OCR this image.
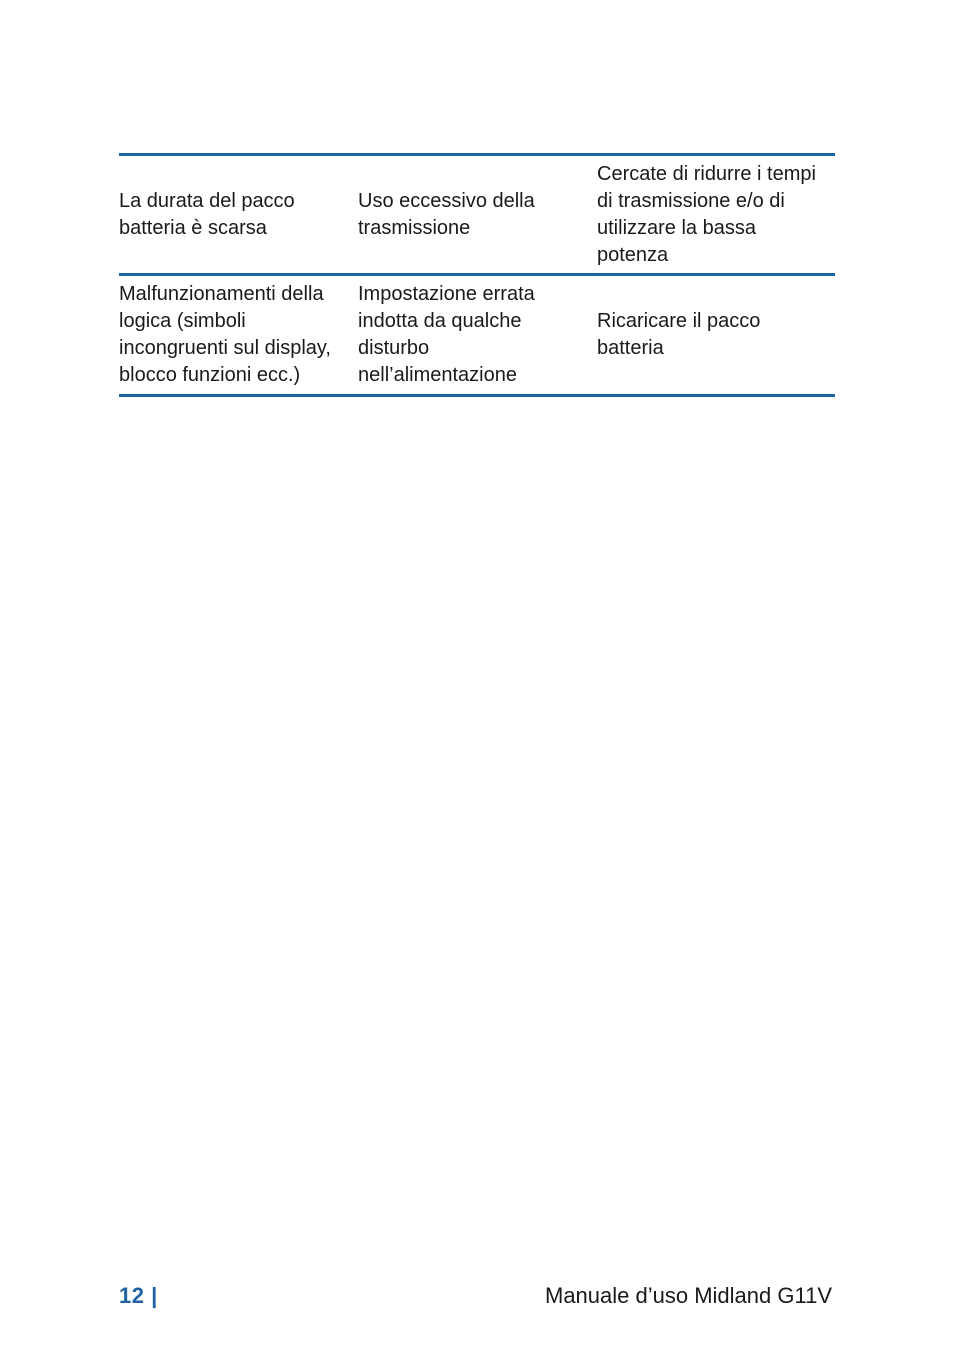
La durata del pacco batteria è scarsa
Uso eccessivo della trasmissione
Cercate di ridurre i tempi di trasmissione e/o di utilizzare la bassa potenza
Malfunzionamenti della logica (simboli incongruenti sul display, blocco funzioni ecc.)
Impostazione errata indotta da qualche disturbo nell’alimentazione
Ricaricare il pacco batteria
12 |	Manuale d’uso Midland G11V
